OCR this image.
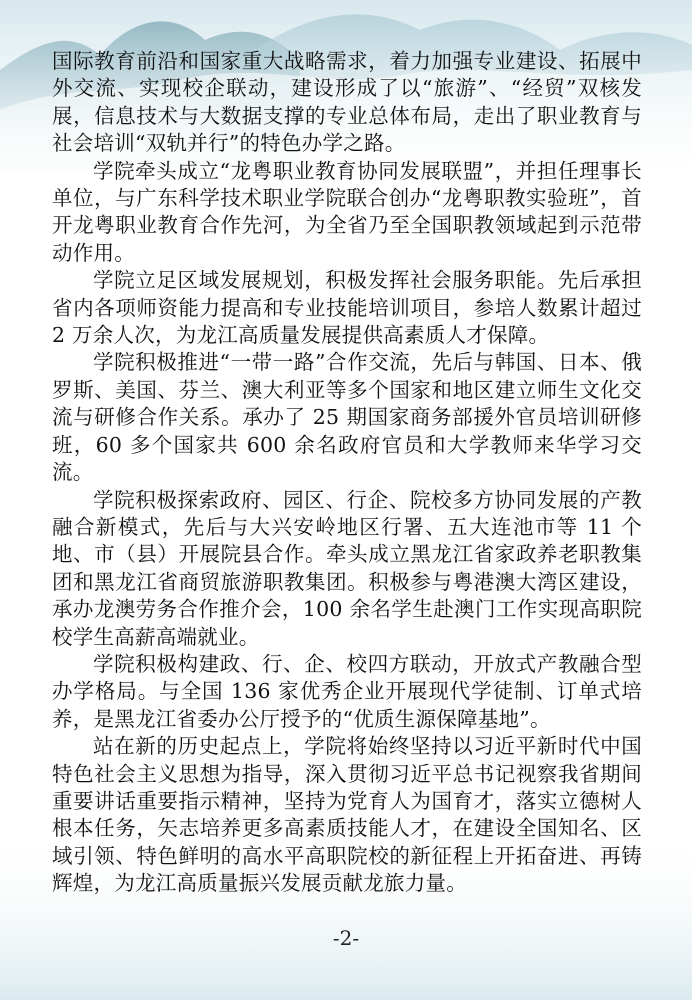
国际教育前沿和国家重大战略需求，着力加强专业建设、拓展中外交流、实现校企联动，建设形成了以“旅游”、“经贸”双核发展，信息技术与大数据支撑的专业总体布局，走出了职业教育与社会培训“双轨并行”的特色办学之路。

学院牵头成立“龙粤职业教育协同发展联盟”，并担任理事长单位，与广东科学技术职业学院联合创办“龙粤职教实验班”，首开龙粤职业教育合作先河，为全省乃至全国职教领域起到示范带动作用。

学院立足区域发展规划，积极发挥社会服务职能。先后承担省内各项师资能力提高和专业技能培训项目，参培人数累计超过 2 万余人次，为龙江高质量发展提供高素质人才保障。

学院积极推进“一带一路”合作交流，先后与韩国、日本、俄罗斯、美国、芬兰、澳大利亚等多个国家和地区建立师生文化交流与研修合作关系。承办了 25 期国家商务部援外官员培训研修班，60 多个国家共 600 余名政府官员和大学教师来华学习交流。

学院积极探索政府、园区、行企、院校多方协同发展的产教融合新模式，先后与大兴安岭地区行署、五大连池市等 11 个地、市（县）开展院县合作。牵头成立黑龙江省家政养老职教集团和黑龙江省商贸旅游职教集团。积极参与粤港澳大湾区建设，承办龙澳劳务合作推介会，100 余名学生赴澳门工作实现高职院校学生高薪高端就业。

学院积极构建政、行、企、校四方联动，开放式产教融合型办学格局。与全国 136 家优秀企业开展现代学徒制、订单式培养，是黑龙江省委办公厅授予的“优质生源保障基地”。

站在新的历史起点上，学院将始终坚持以习近平新时代中国特色社会主义思想为指导，深入贯彻习近平总书记视察我省期间重要讲话重要指示精神，坚持为党育人为国育才，落实立德树人根本任务，矢志培养更多高素质技能人才，在建设全国知名、区域引领、特色鲜明的高水平高职院校的新征程上开拓奋进、再铸辉煌，为龙江高质量振兴发展贡献龙旅力量。

-2-
